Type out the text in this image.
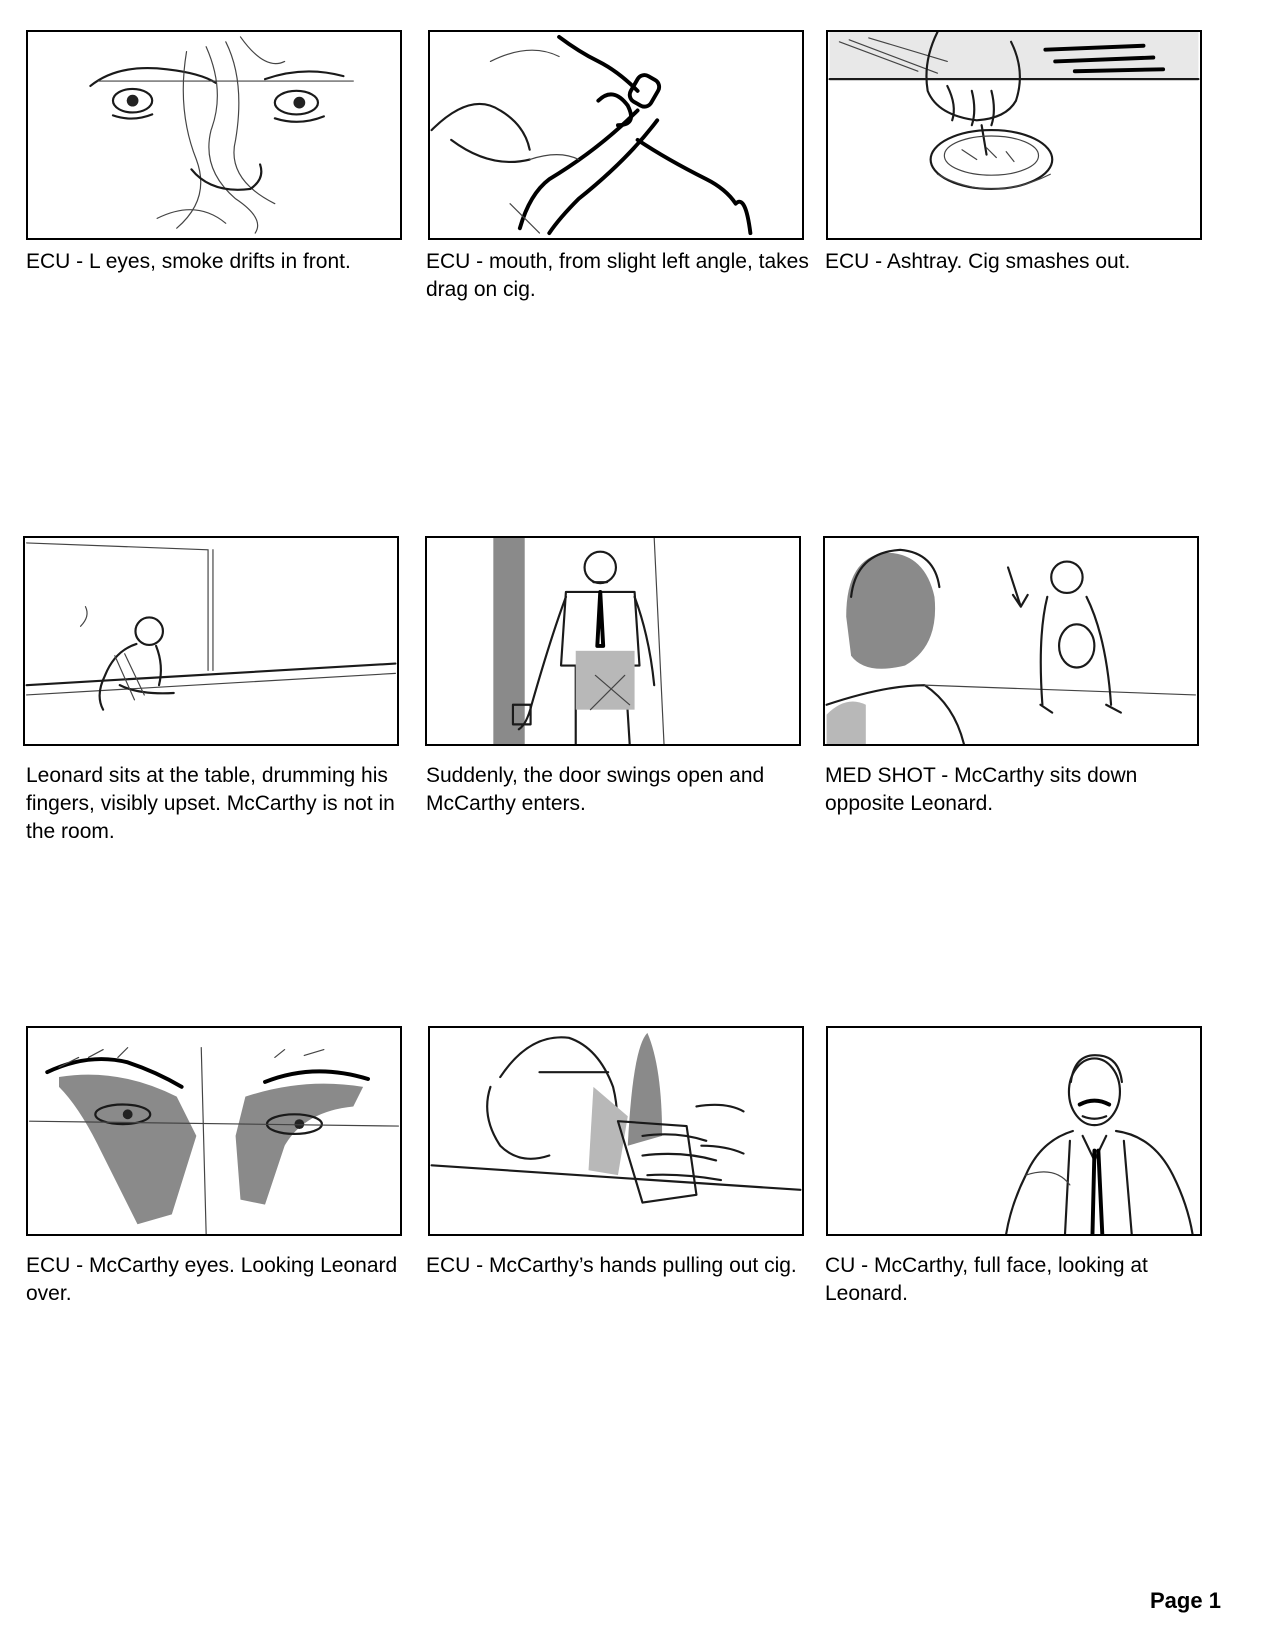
ECU - L eyes, smoke drifts in front.	ECU - mouth, from slight left angle, takes drag on cig.
ECU - Ashtray. Cig smashes out.
Leonard sits at the table, drumming his fingers, visibly upset. McCarthy is not in the room.
Suddenly, the door swings open and McCarthy enters.
MED SHOT - McCarthy sits down opposite Leonard.
ECU - McCarthy eyes. Looking Leonard over.
ECU - McCarthy’s hands pulling out cig.	CU - McCarthy, full face, looking at Leonard.
Page 1
